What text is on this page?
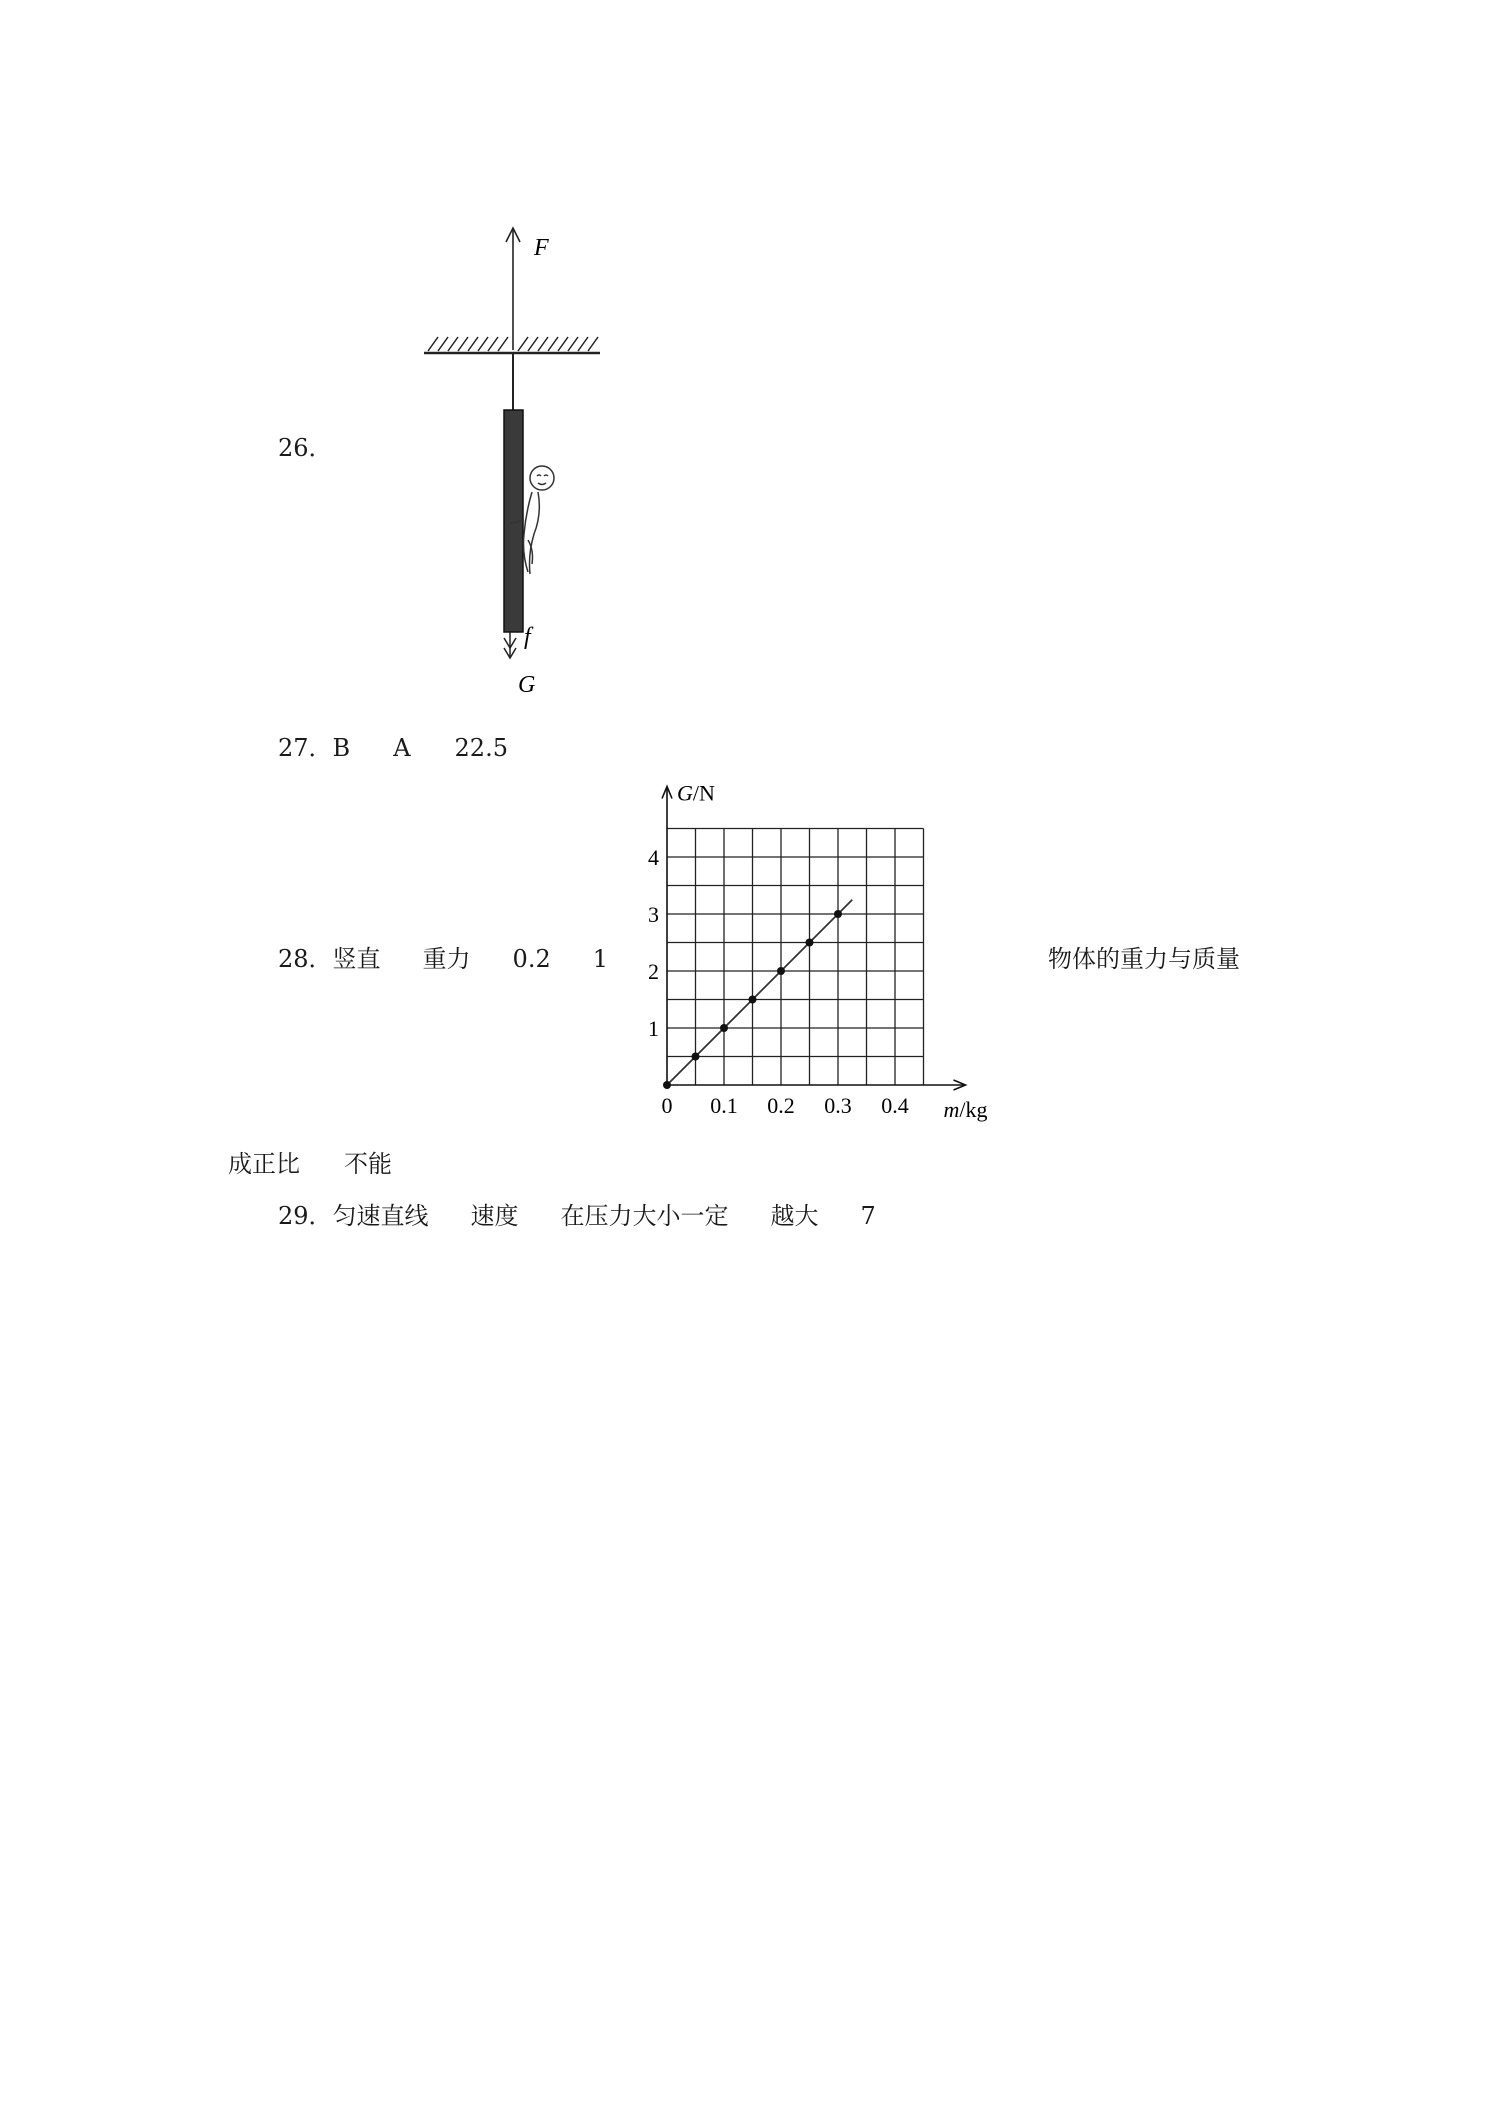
26．
F
f
G
27．B A 22.5
28．竖直 重力 0.2 1
0 0.1 0.2 0.3 0.4
1
2
3
4
m/kg
G/N
物体的重力与质量
成正比 不能
29．匀速直线 速度 在压力大小一定 越大 7
